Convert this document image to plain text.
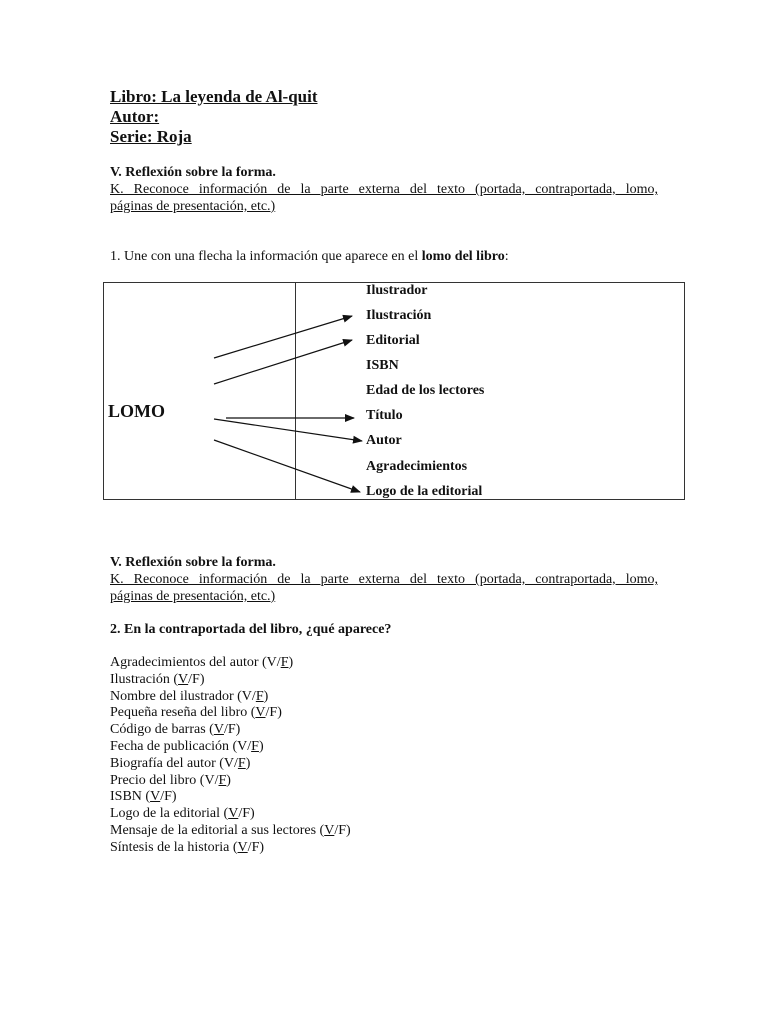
Libro: La leyenda de Al-quit
Autor:
Serie: Roja
V. Reflexión sobre la forma.
K. Reconoce información de la parte externa del texto (portada, contraportada, lomo,
páginas de presentación, etc.)
1. Une con una flecha la información que aparece en el lomo del libro:
LOMO
Ilustrador
Ilustración
Editorial
ISBN
Edad de los lectores
Título
Autor
Agradecimientos
Logo de la editorial
V. Reflexión sobre la forma.
K. Reconoce información de la parte externa del texto (portada, contraportada, lomo,
páginas de presentación, etc.)
2. En la contraportada del libro, ¿qué aparece?
Agradecimientos del autor (V/F)
Ilustración (V/F)
Nombre del ilustrador (V/F)
Pequeña reseña del libro (V/F)
Código de barras (V/F)
Fecha de publicación (V/F)
Biografía del autor (V/F)
Precio del libro (V/F)
ISBN (V/F)
Logo de la editorial (V/F)
Mensaje de la editorial a sus lectores (V/F)
Síntesis de la historia (V/F)
